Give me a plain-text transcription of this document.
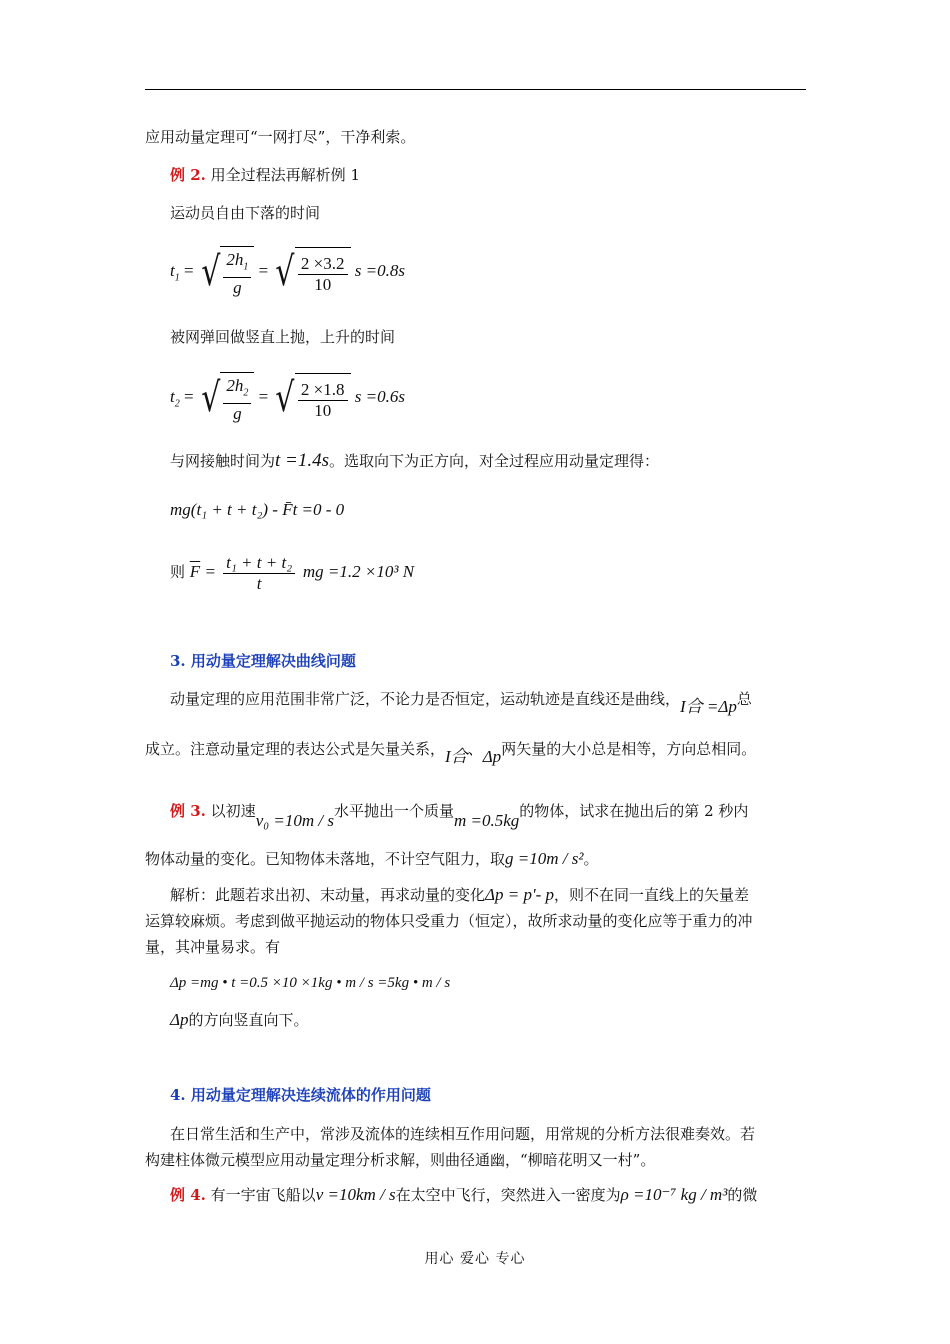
应用动量定理可“一网打尽”，干净利索。
例 2. 用全过程法再解析例 1
运动员自由下落的时间
$t_1$ = √ $\frac{2h_1}{g}$ = √ $\frac{2 \times 3.2}{10}$ s =0.8s
被网弹回做竖直上抛，上升的时间
$t_2$ = √ $\frac{2h_2}{g}$ = √ $\frac{2 \times 1.8}{10}$ s =0.6s
与网接触时间为t =1.4s。选取向下为正方向，对全过程应用动量定理得：
mg(t₁ + t + t₂) - F̄t =0 - 0
则 $\overline{F} = \frac{\text{t₁ + t + t₂}}{t}$ mg =1.2 ×10³ N
3. 用动量定理解决曲线问题
动量定理的应用范围非常广泛，不论力是否恒定，运动轨迹是直线还是曲线，I合 =Δp总
成立。注意动量定理的表达公式是矢量关系，I合、Δp两矢量的大小总是相等，方向总相同。
例 3. 以初速v₀ =10m / s水平抛出一个质量m =0.5kg的物体，试求在抛出后的第 2 秒内
物体动量的变化。已知物体未落地，不计空气阻力，取g =10m / s²。
解析：此题若求出初、末动量，再求动量的变化Δp = p'- p，则不在同一直线上的矢量差
运算较麻烦。考虑到做平抛运动的物体只受重力（恒定），故所求动量的变化应等于重力的冲
量，其冲量易求。有
Δp =mg • t =0.5 ×10 ×1kg • m / s =5kg • m / s
Δp的方向竖直向下。
4. 用动量定理解决连续流体的作用问题
在日常生活和生产中，常涉及流体的连续相互作用问题，用常规的分析方法很难奏效。若
构建柱体微元模型应用动量定理分析求解，则曲径通幽，“柳暗花明又一村”。
例 4. 有一宇宙飞船以v =10km / s在太空中飞行，突然进入一密度为ρ =10⁻⁷ kg / m³的微
用心 爱心 专心
